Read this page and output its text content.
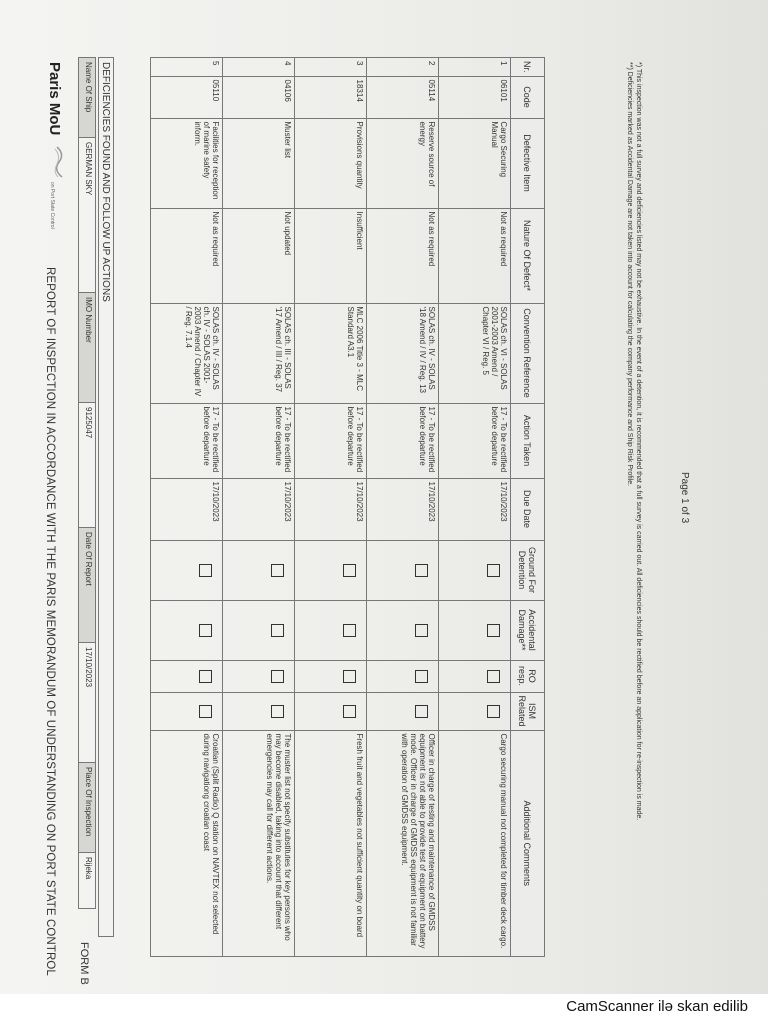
Paris MoU
on Port State Control
REPORT OF INSPECTION IN ACCORDANCE WITH THE PARIS MEMORANDUM OF UNDERSTANDING ON PORT STATE CONTROL FORM B
Name Of Ship
GERMAN SKY
IMO Number
9125047
Date Of Report
17/10/2023
Place Of Inspection
Rijeka
DEFICIENCIES FOUND AND FOLLOW UP ACTIONS	Nr.	Code	Defective Item	Nature Of Defect*	Convention Reference	Action Taken	Due Date	Ground For Detention	Accidental Damage**	RO resp.	ISM Related	Additional Comments
1	06101	Cargo Securing Manual	Not as required	SOLAS ch. VI - SOLAS 2001-2003 Amend / Chapter VI / Reg. 5	17 - To be rectified before departure	17/10/2023					Cargo securing manual not completed for timber deck cargo.
2	05114	Reserve source of energy	Not as required	SOLAS ch. IV - SOLAS '18 Amend / IV / Reg. 13	17 - To be rectified before departure	17/10/2023					Officer in charge of testing and maintenance of GMDSS equipment is not able to provide test of equipment on battery mode. Officer in charge of GMDSS equipment is not familiar with operation of GMDSS equipment.
3	18314	Provisions quantity	Insufficient	MLC 2006 Title 3 - MLC Standard A3.1	17 - To be rectified before departure	17/10/2023					Fresh fruit and vegetables not sufficient quantity on board
4	04106	Muster list	Not updated	SOLAS ch. III - SOLAS '17 Amend / III / Reg. 37	17 - To be rectified before departure	17/10/2023					The muster list not specify substitutes for key persons who may become disabled, taking into account that different emergencies may call for different actions.
5	05110	Facilities for reception of marine safety inform.	Not as required	SOLAS ch. IV - SOLAS ch. IV - SOLAS 2001-2003 Amend / Chapter IV / Reg. 7.1.4	17 - To be rectified before departure	17/10/2023					Croatian (Split Radio) Q station on NAVTEX not selected during navigationg croatian coast	*) This inspection was not a full survey and deficiencies listed may not be exhaustive. In the event of a detention, it is recommended that a full survey is carried out. All deficiencies should be rectified before an application for re-inspection is made.
**) Deficiencies marked as Accidental Damage are not taken into account for calculating the company performance and Ship Risk Profile.
Page 1 of 3
CamScanner ilə skan edilib
